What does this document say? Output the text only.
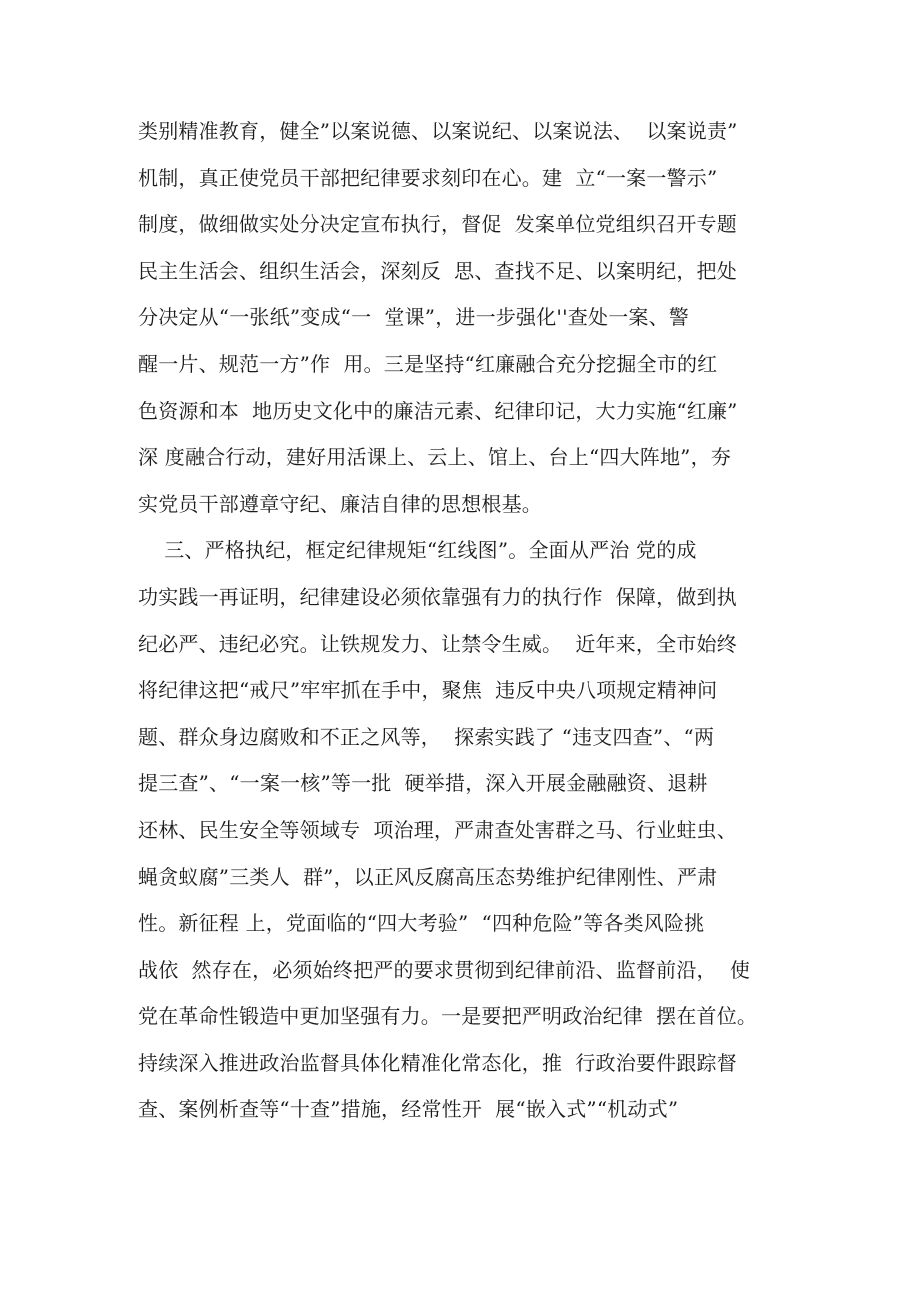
类别精准教育，健全”以案说德、以案说纪、以案说法、  以案说责”
机制，真正使党员干部把纪律要求刻印在心。建  立“一案一警示”
制度，做细做实处分决定宣布执行，督促  发案单位党组织召开专题
民主生活会、组织生活会，深刻反  思、查找不足、以案明纪，把处
分决定从“一张纸”变成“一  堂课”，进一步强化''查处一案、警
醒一片、规范一方”作  用。三是坚持“红廉融合充分挖掘全市的红
色资源和本  地历史文化中的廉洁元素、纪律印记，大力实施“红廉”
深 度融合行动，建好用活课上、云上、馆上、台上“四大阵地”，夯
实党员干部遵章守纪、廉洁自律的思想根基。
三、严格执纪，框定纪律规矩“红线图”。全面从严治 党的成
功实践一再证明，纪律建设必须依靠强有力的执行作  保障，做到执
纪必严、违纪必究。让铁规发力、让禁令生威。  近年来，全市始终
将纪律这把“戒尺”牢牢抓在手中，聚焦  违反中央八项规定精神问
题、群众身边腐败和不正之风等，  探索实践了 “违支四查”、“两
提三查”、“一案一核”等一批  硬举措，深入开展金融融资、退耕
还林、民生安全等领域专  项治理，严肃查处害群之马、行业蛀虫、
蝇贪蚁腐”三类人  群”，以正风反腐高压态势维护纪律刚性、严肃
性。新征程 上，党面临的“四大考验”  “四种危险”等各类风险挑
战依  然存在，必须始终把严的要求贯彻到纪律前沿、监督前沿，  使
党在革命性锻造中更加坚强有力。一是要把严明政治纪律  摆在首位。
持续深入推进政治监督具体化精准化常态化，推  行政治要件跟踪督
查、案例析查等“十查”措施，经常性开  展“嵌入式”“机动式”
